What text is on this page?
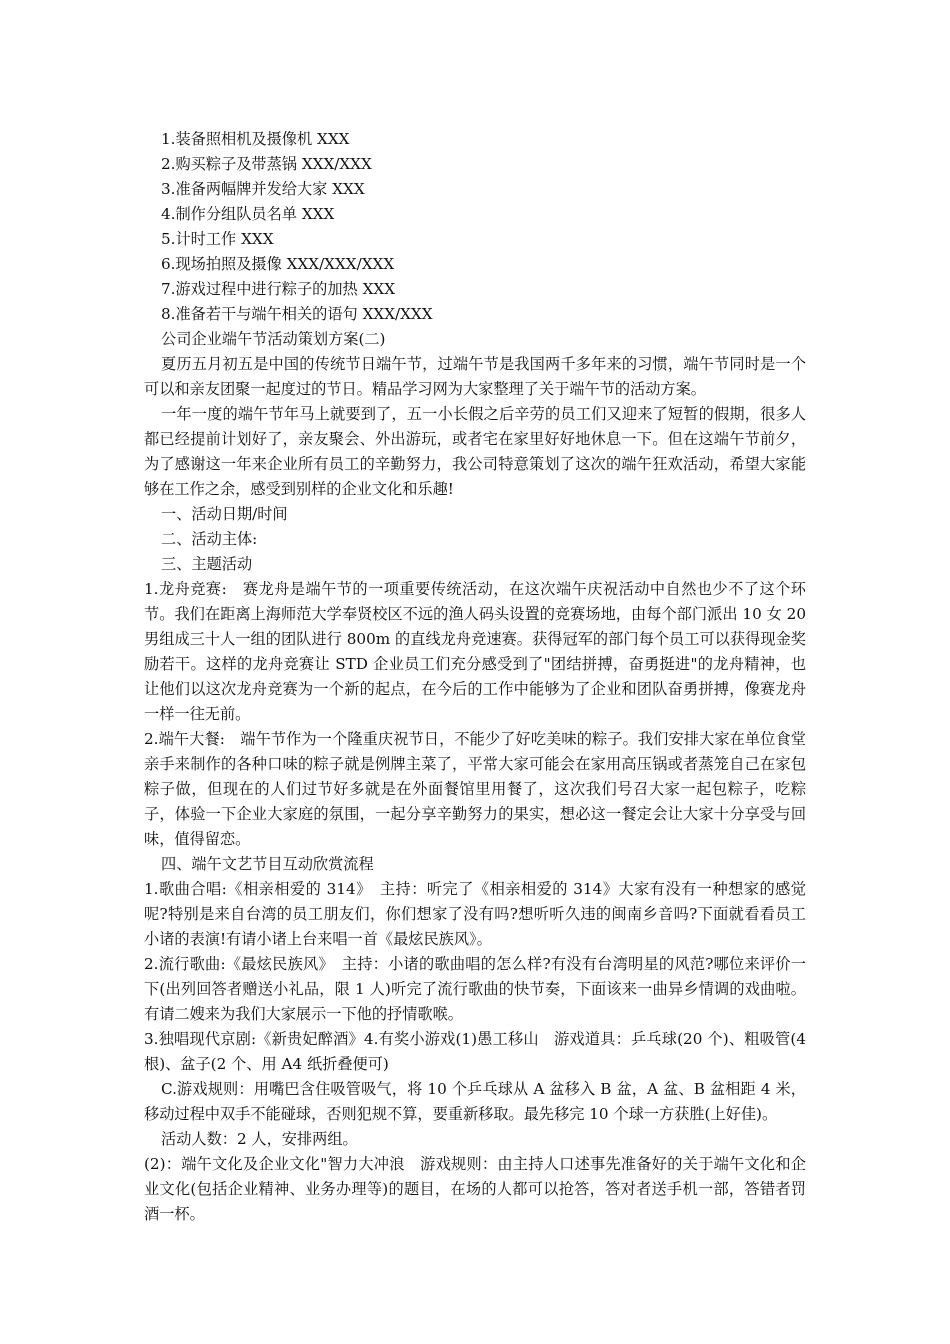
1.装备照相机及摄像机 XXX

2.购买粽子及带蒸锅 XXX/XXX

3.准备两幅牌并发给大家 XXX

4.制作分组队员名单 XXX

5.计时工作 XXX

6.现场拍照及摄像 XXX/XXX/XXX

7.游戏过程中进行粽子的加热 XXX

8.准备若干与端午相关的语句 XXX/XXX

公司企业端午节活动策划方案(二)

夏历五月初五是中国的传统节日端午节，过端午节是我国两千多年来的习惯，端午节同时是一个可以和亲友团聚一起度过的节日。精品学习网为大家整理了关于端午节的活动方案。

一年一度的端午节年马上就要到了，五一小长假之后辛劳的员工们又迎来了短暂的假期，很多人都已经提前计划好了，亲友聚会、外出游玩，或者宅在家里好好地休息一下。但在这端午节前夕，为了感谢这一年来企业所有员工的辛勤努力，我公司特意策划了这次的端午狂欢活动，希望大家能够在工作之余，感受到别样的企业文化和乐趣!

一、活动日期/时间

二、活动主体:

三、主题活动

1.龙舟竞赛:　赛龙舟是端午节的一项重要传统活动，在这次端午庆祝活动中自然也少不了这个环节。我们在距离上海师范大学奉贤校区不远的渔人码头设置的竞赛场地，由每个部门派出 10 女 20 男组成三十人一组的团队进行 800m 的直线龙舟竞速赛。获得冠军的部门每个员工可以获得现金奖励若干。这样的龙舟竞赛让 STD 企业员工们充分感受到了"团结拼搏，奋勇挺进"的龙舟精神，也让他们以这次龙舟竞赛为一个新的起点，在今后的工作中能够为了企业和团队奋勇拼搏，像赛龙舟一样一往无前。

2.端午大餐:　端午节作为一个隆重庆祝节日，不能少了好吃美味的粽子。我们安排大家在单位食堂亲手来制作的各种口味的粽子就是例牌主菜了，平常大家可能会在家用高压锅或者蒸笼自己在家包粽子做，但现在的人们过节好多就是在外面餐馆里用餐了，这次我们号召大家一起包粽子，吃粽子，体验一下企业大家庭的氛围，一起分享辛勤努力的果实，想必这一餐定会让大家十分享受与回味，值得留恋。

四、端午文艺节目互动欣赏流程

1.歌曲合唱:《相亲相爱的 314》　主持：听完了《相亲相爱的 314》大家有没有一种想家的感觉呢?特别是来自台湾的员工朋友们，你们想家了没有吗?想听听久违的闽南乡音吗?下面就看看员工小诸的表演!有请小诸上台来唱一首《最炫民族风》。

2.流行歌曲:《最炫民族风》　主持：小诸的歌曲唱的怎么样?有没有台湾明星的风范?哪位来评价一下(出列回答者赠送小礼品，限 1 人)听完了流行歌曲的快节奏，下面该来一曲异乡情调的戏曲啦。有请二嫂来为我们大家展示一下他的抒情歌喉。

3.独唱现代京剧:《新贵妃醉酒》4.有奖小游戏(1)愚工移山　游戏道具：乒乓球(20 个)、粗吸管(4 根)、盆子(2 个、用 A4 纸折叠便可)

C.游戏规则：用嘴巴含住吸管吸气，将 10 个乒乓球从 A 盆移入 B 盆，A 盆、B 盆相距 4 米，移动过程中双手不能碰球，否则犯规不算，要重新移取。最先移完 10 个球一方获胜(上好佳)。

活动人数：2 人，安排两组。

(2)：端午文化及企业文化"智力大冲浪　游戏规则：由主持人口述事先准备好的关于端午文化和企业文化(包括企业精神、业务办理等)的题目，在场的人都可以抢答，答对者送手机一部，答错者罚酒一杯。
